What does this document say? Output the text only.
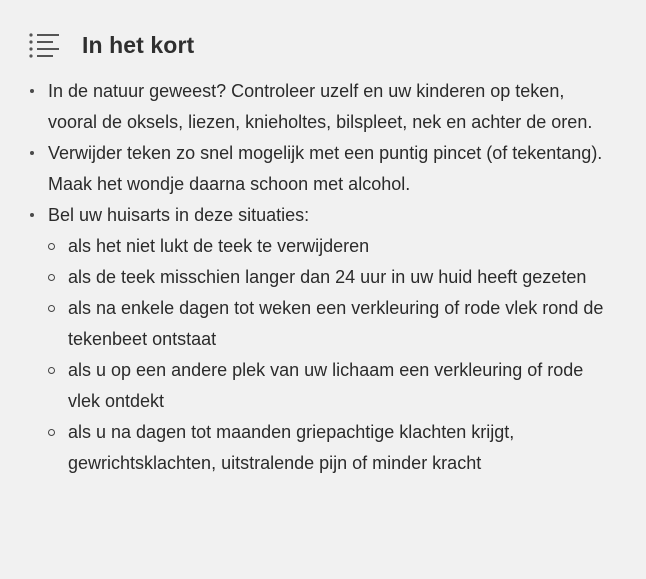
In het kort
In de natuur geweest? Controleer uzelf en uw kinderen op teken, vooral de oksels, liezen, knieholtes, bilspleet, nek en achter de oren.
Verwijder teken zo snel mogelijk met een puntig pincet (of tekentang). Maak het wondje daarna schoon met alcohol.
Bel uw huisarts in deze situaties:
als het niet lukt de teek te verwijderen
als de teek misschien langer dan 24 uur in uw huid heeft gezeten
als na enkele dagen tot weken een verkleuring of rode vlek rond de tekenbeet ontstaat
als u op een andere plek van uw lichaam een verkleuring of rode vlek ontdekt
als u na dagen tot maanden griepachtige klachten krijgt, gewrichtsklachten, uitstralende pijn of minder kracht
